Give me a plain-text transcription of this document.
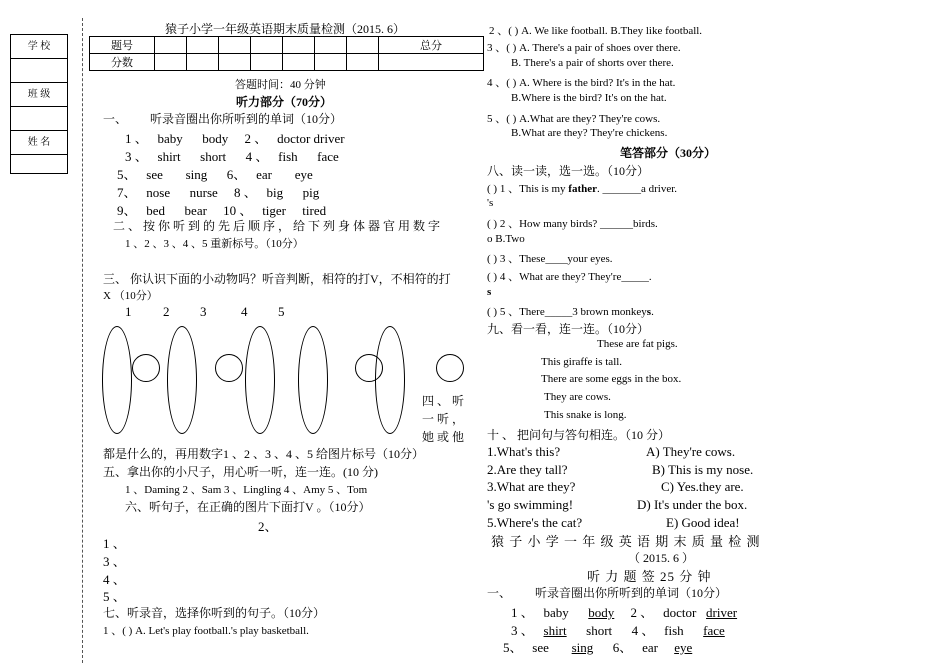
学 校
班 级
姓 名
猿子小学一年级英语期末质量检测（2015. 6）
题号								总分
分数								
答题时间：40 分钟
听力部分（70分）
一、 听录音圈出你所听到的单词（10分）
1 、 baby body 2 、 doctor driver
3 、 shirt short 4 、 fish face
5、 see sing 6、 ear eye
7、 nose nurse 8 、 big pig
9、 bed bear 10 、 tiger tired
二 、 按 你 听 到 的 先 后 顺 序 ， 给 下 列 身 体 器 官 用 数 字
1 、2 、3 、4 、5 重新标号。（10分）
三、 你认识下面的小动物吗？听音判断，相符的打V，不相符的打
X （10分）
1 2 3	4 5
四 、 听
一 听 ，
她 或 他
都是什么的，再用数字1 、2 、3 、4 、5 给图片标号（10分）
五、拿出你的小尺子，用心听一听，连一连。(10 分)
1 、Daming 2 、Sam 3 、Lingling 4 、Amy 5 、Tom
六、听句子，在正确的图片下面打V 。（10分）
2、
1 、
3 、
4 、
5 、
七、听录音，选择你听到的句子。（10分）
1 、( ) A. Let's play football.'s play basketball.
2 、( ) A. We like football. B.They like football.
3 、( ) A. There's a pair of shoes over there.
B. There's a pair of shorts over there.
4 、( ) A. Where is the bird? It's in the hat.
B.Where is the bird? It's on the hat.
5 、( ) A.What are they? They're cows.
B.What are they? They're chickens.
笔答部分（30分）
八、读一读，选一选。（10分）
( ) 1 、This is my father. _______a driver.
's
( ) 2 、How many birds? ______birds.
o B.Two
( ) 3 、These____your eyes.
( ) 4 、What are they? They're_____.
s
( ) 5 、There_____3 brown monkeys.
九、看一看，连一连。（10分）
These are fat pigs.
This giraffe is tall.
There are some eggs in the box.
They are cows.
This snake is long.
十 、 把问句与答句相连。（10 分）
1.What's this?	A) They're cows.
2.Are they tall?	B) This is my nose.
3.What are they?	C) Yes.they are.
's go swimming!	D) It's under the box.
5.Where's the cat?	E) Good idea!
猿 子 小 学 一 年 级 英 语 期 末 质 量 检 测
（ 2015. 6 ）
听 力 题 签 25 分 钟
一、 听录音圈出你所听到的单词（10分）
1 、 baby body 2 、 doctor driver
3 、 shirt short 4 、 fish face
5、 see sing 6、 ear eye
